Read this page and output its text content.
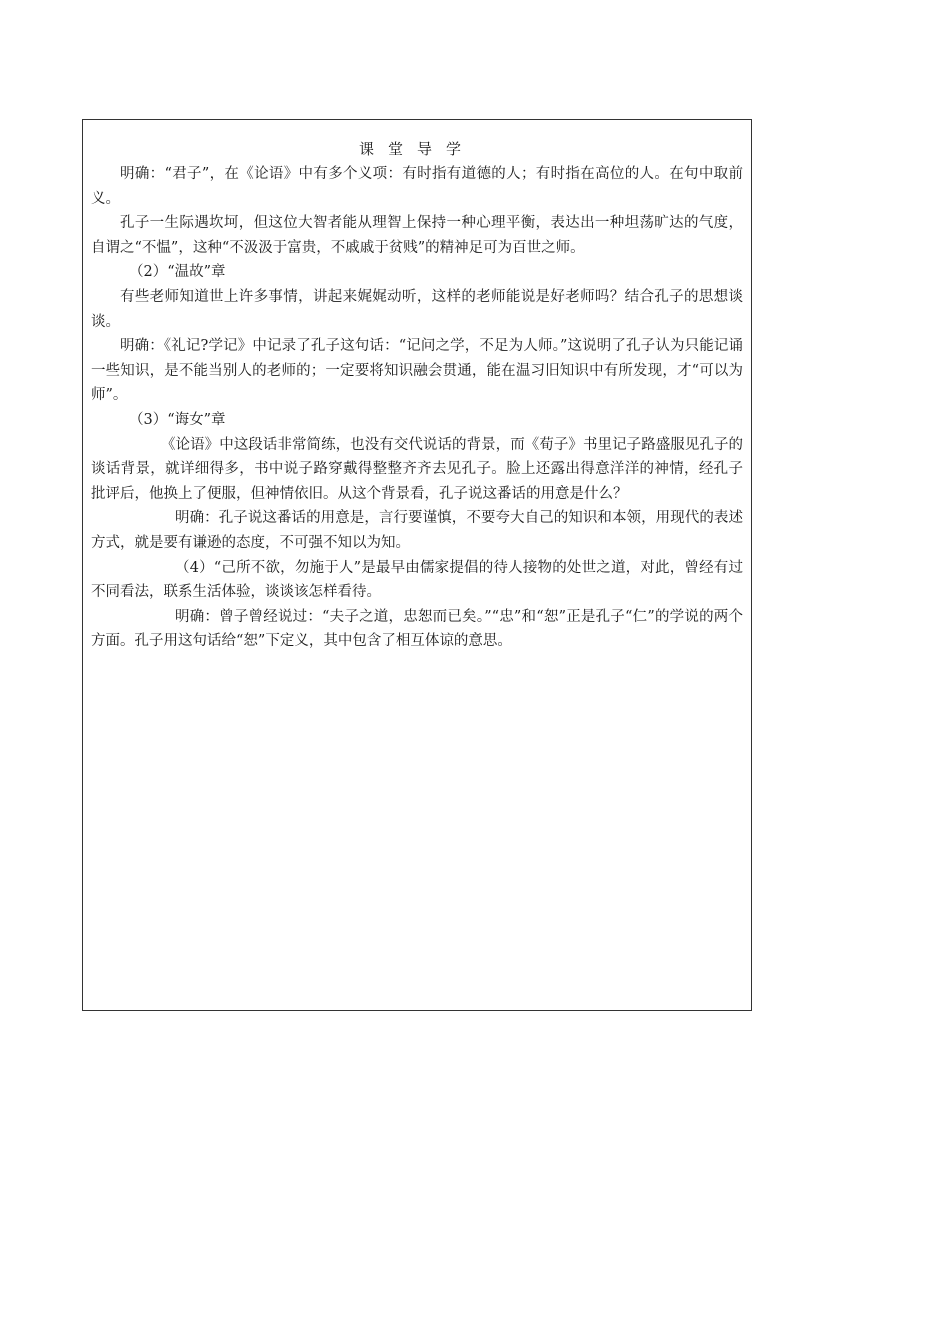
课堂导学

明确：“君子”，在《论语》中有多个义项：有时指有道德的人；有时指在高位的人。在句中取前义。

孔子一生际遇坎坷，但这位大智者能从理智上保持一种心理平衡，表达出一种坦荡旷达的气度，自谓之“不愠”，这种“不汲汲于富贵，不戚戚于贫贱”的精神足可为百世之师。

（2）“温故”章

有些老师知道世上许多事情，讲起来娓娓动听，这样的老师能说是好老师吗？结合孔子的思想谈谈。

明确：《礼记?学记》中记录了孔子这句话：“记问之学，不足为人师。”这说明了孔子认为只能记诵一些知识，是不能当别人的老师的；一定要将知识融会贯通，能在温习旧知识中有所发现，才“可以为师”。

（3）“诲女”章

《论语》中这段话非常简练，也没有交代说话的背景，而《荀子》书里记子路盛服见孔子的谈话背景，就详细得多，书中说子路穿戴得整整齐齐去见孔子。脸上还露出得意洋洋的神情，经孔子批评后，他换上了便服，但神情依旧。从这个背景看，孔子说这番话的用意是什么？

明确：孔子说这番话的用意是，言行要谨慎，不要夸大自己的知识和本领，用现代的表述方式，就是要有谦逊的态度，不可强不知以为知。

（4）“己所不欲，勿施于人”是最早由儒家提倡的待人接物的处世之道，对此，曾经有过不同看法，联系生活体验，谈谈该怎样看待。

明确：曾子曾经说过：“夫子之道，忠恕而已矣。”“忠”和“恕”正是孔子“仁”的学说的两个方面。孔子用这句话给“恕”下定义，其中包含了相互体谅的意思。
